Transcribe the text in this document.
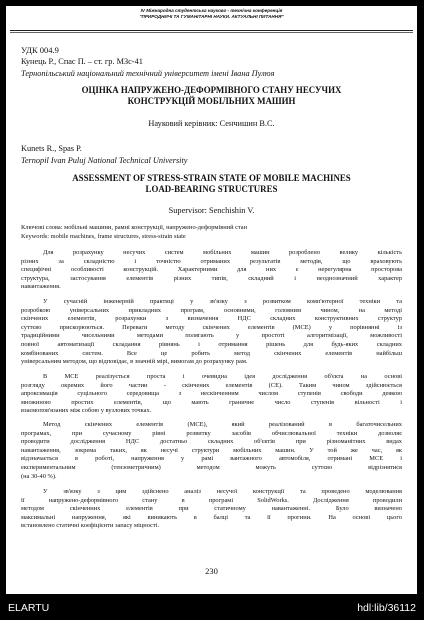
IV Міжнародна студентська науково - технічна конференція
"ПРИРОДНИЧІ ТА ГУМАНІТАРНІ НАУКИ. АКТУАЛЬНІ ПИТАННЯ"
УДК 004.9
Кунець Р., Спас П. – ст. гр. МЗс-41
Тернопільський національний технічний університет імені Івана Пулюя
ОЦІНКА НАПРУЖЕНО-ДЕФОРМІВНОГО СТАНУ НЕСУЧИХ
КОНСТРУКЦІЙ МОБІЛЬНИХ МАШИН
Науковий керівник: Сенчишин В.С.
Kunets R., Spas P.
Ternopil Ivan Puluj National Technical University
ASSESSMENT OF STRESS-STRAIN STATE OF MOBILE MACHINES
LOAD-BEARING STRUCTURES
Supervisor: Senchishin V.
Ключові слова: мобільні машини, рамні конструкції, напружено-деформівний стан
Keywords: mobile machines, frame structures, stress-strain state
Для розрахунку несучих систем мобільних машин розроблено велику кількість
різних за складністю і точністю отриманих результатів методів, що враховують
специфічні особливості конструкцій. Характерними для них є нерегулярна просторова
структура, застосування елементів різних типів, складний і неоднозначний характер
навантаження.
У сучасній інженерній практиці у зв'язку з розвитком комп'ютерної техніки та
розробкою універсальних прикладних програм, основними, головним чином, на методі
скінчених елементів, розрахунки з визначення НДС складних конструктивних структур
суттєво прискорюються. Переваги методу скінчених елементів (МСЕ) у порівнянні із
традиційними чисельними методами полягають у простоті алгоритмізації, можливості
повної автоматизації складання рівнянь і отримання рішень для будь-яких складних
комбінованих систем. Все це робить метод скінчених елементів найбільш
універсальним методом, що відповідає, в значній мірі, вимогам до розрахунку рам.
В МСЕ реалізується проста і очевидна ідея дослідження об'єкта на основі
розгляду окремих його частин - скінчених елементів (СЕ). Таким чином здійснюється
апроксимація суцільного середовища з нескінченним числом ступенів свободи деякою
множиною простих елементів, що мають граничне число ступенів вільності і
взаємопов'язаних між собою у вузлових точках.
Метод скінчених елементів (МСЕ), який реалізований в багаточисельних
програмах, при сучасному рівні розвитку засобів обчислювальної техніки дозволяє
проводити дослідження НДС достатньо складних об'єктів при різноманітних видах
навантаження, зокрема таких, як несучі структури мобільних машин. У той же час, як
відзначається в роботі, напруження у рамі вантажного автомобіля, отримані МСЕ і
експериментальним (тензометричним) методом можуть суттєво відрізнятися
(на 30-40 %).
У зв'язку з цим здійснено аналіз несучої конструкції та проведено моделювання
її напружено-деформівного стану в програмі SolidWorks. Дослідження проводили
методом скінченних елементів при статичному навантаженні. Було визначено
максимальні напруження, які виникають в балці та її прогини. На основі цього
встановлено статичні коефіцієнти запасу міцності.
230
ELARTU	hdl:lib/36112
